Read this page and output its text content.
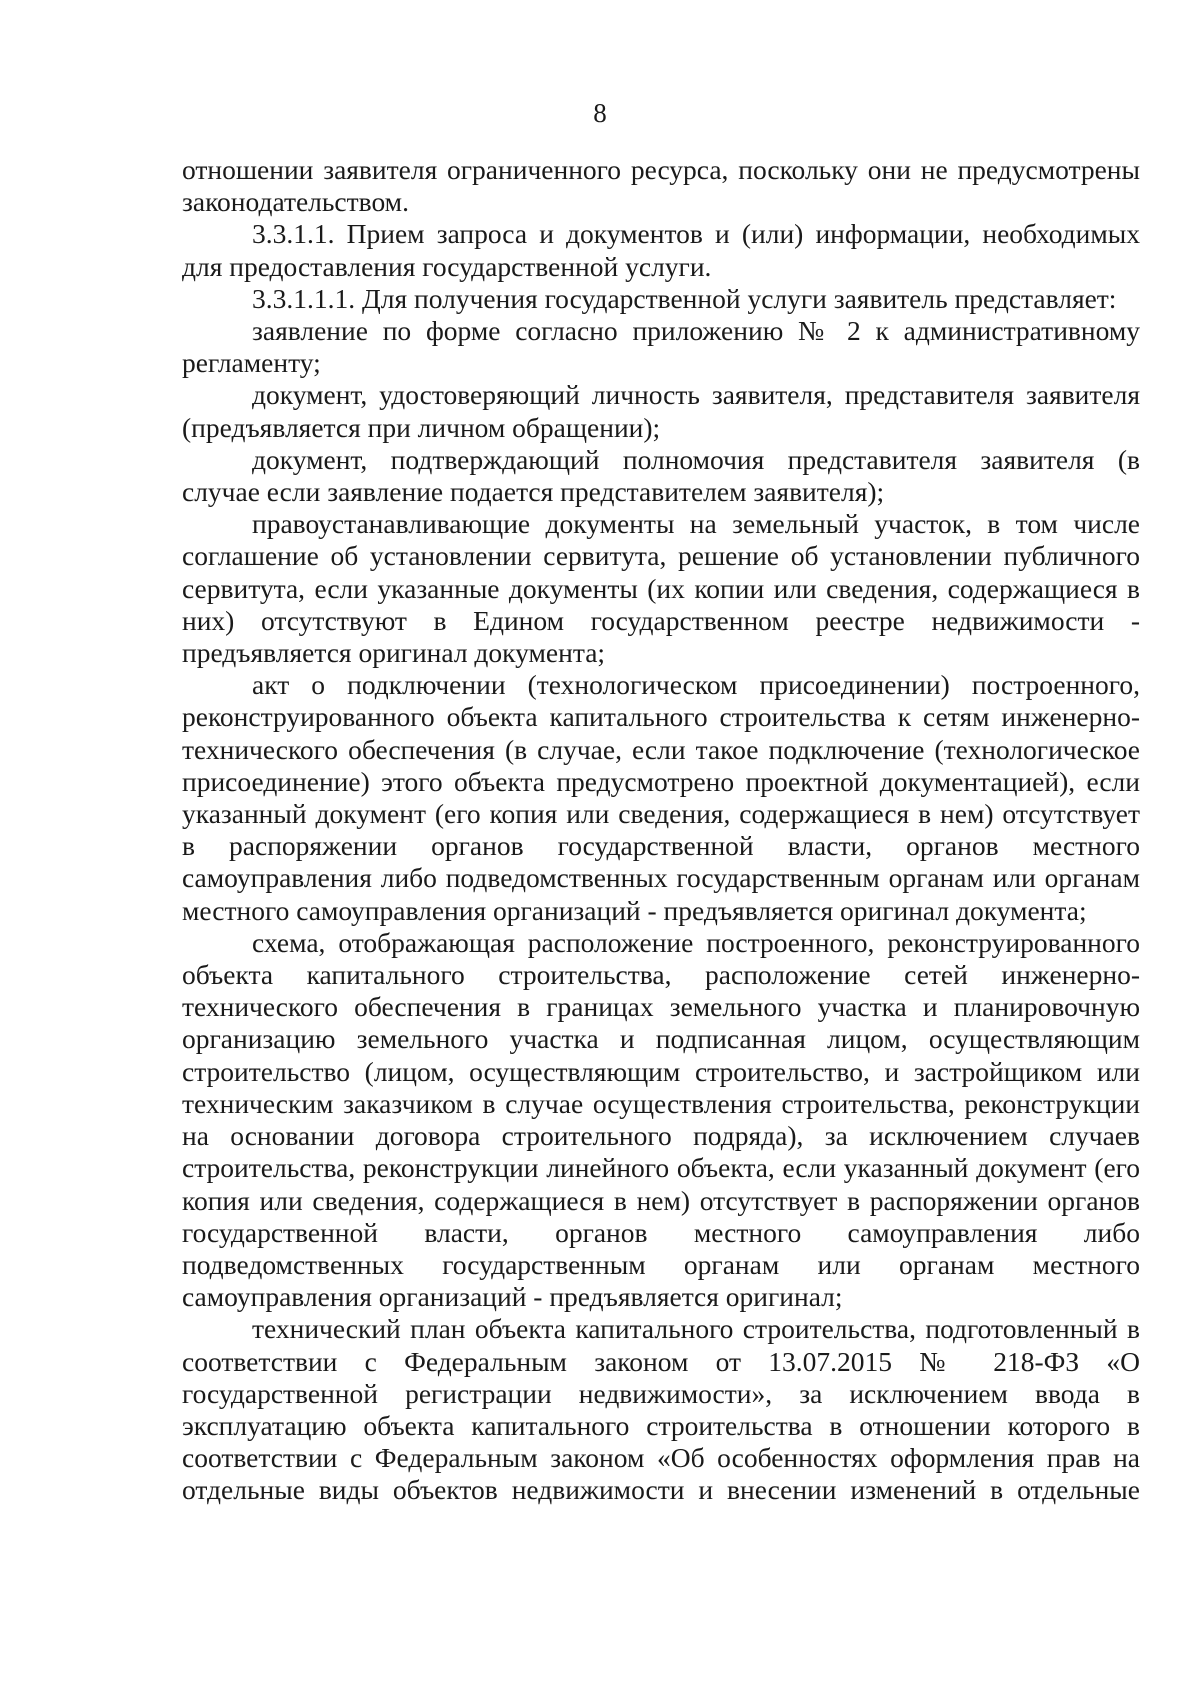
8

отношении заявителя ограниченного ресурса, поскольку они не предусмотрены законодательством.

3.3.1.1. Прием запроса и документов и (или) информации, необходимых для предоставления государственной услуги.

3.3.1.1.1. Для получения государственной услуги заявитель представляет:

заявление по форме согласно приложению № 2 к административному регламенту;

документ, удостоверяющий личность заявителя, представителя заявителя (предъявляется при личном обращении);

документ, подтверждающий полномочия представителя заявителя (в случае если заявление подается представителем заявителя);

правоустанавливающие документы на земельный участок, в том числе соглашение об установлении сервитута, решение об установлении публичного сервитута, если указанные документы (их копии или сведения, содержащиеся в них) отсутствуют в Едином государственном реестре недвижимости - предъявляется оригинал документа;

акт о подключении (технологическом присоединении) построенного, реконструированного объекта капитального строительства к сетям инженерно-технического обеспечения (в случае, если такое подключение (технологическое присоединение) этого объекта предусмотрено проектной документацией), если указанный документ (его копия или сведения, содержащиеся в нем) отсутствует в распоряжении органов государственной власти, органов местного самоуправления либо подведомственных государственным органам или органам местного самоуправления организаций - предъявляется оригинал документа;

схема, отображающая расположение построенного, реконструированного объекта капитального строительства, расположение сетей инженерно-технического обеспечения в границах земельного участка и планировочную организацию земельного участка и подписанная лицом, осуществляющим строительство (лицом, осуществляющим строительство, и застройщиком или техническим заказчиком в случае осуществления строительства, реконструкции на основании договора строительного подряда), за исключением случаев строительства, реконструкции линейного объекта, если указанный документ (его копия или сведения, содержащиеся в нем) отсутствует в распоряжении органов государственной власти, органов местного самоуправления либо подведомственных государственным органам или органам местного самоуправления организаций - предъявляется оригинал;

технический план объекта капитального строительства, подготовленный в соответствии с Федеральным законом от 13.07.2015 № 218-ФЗ «О государственной регистрации недвижимости», за исключением ввода в эксплуатацию объекта капитального строительства в отношении которого в соответствии с Федеральным законом «Об особенностях оформления прав на отдельные виды объектов недвижимости и внесении изменений в отдельные
